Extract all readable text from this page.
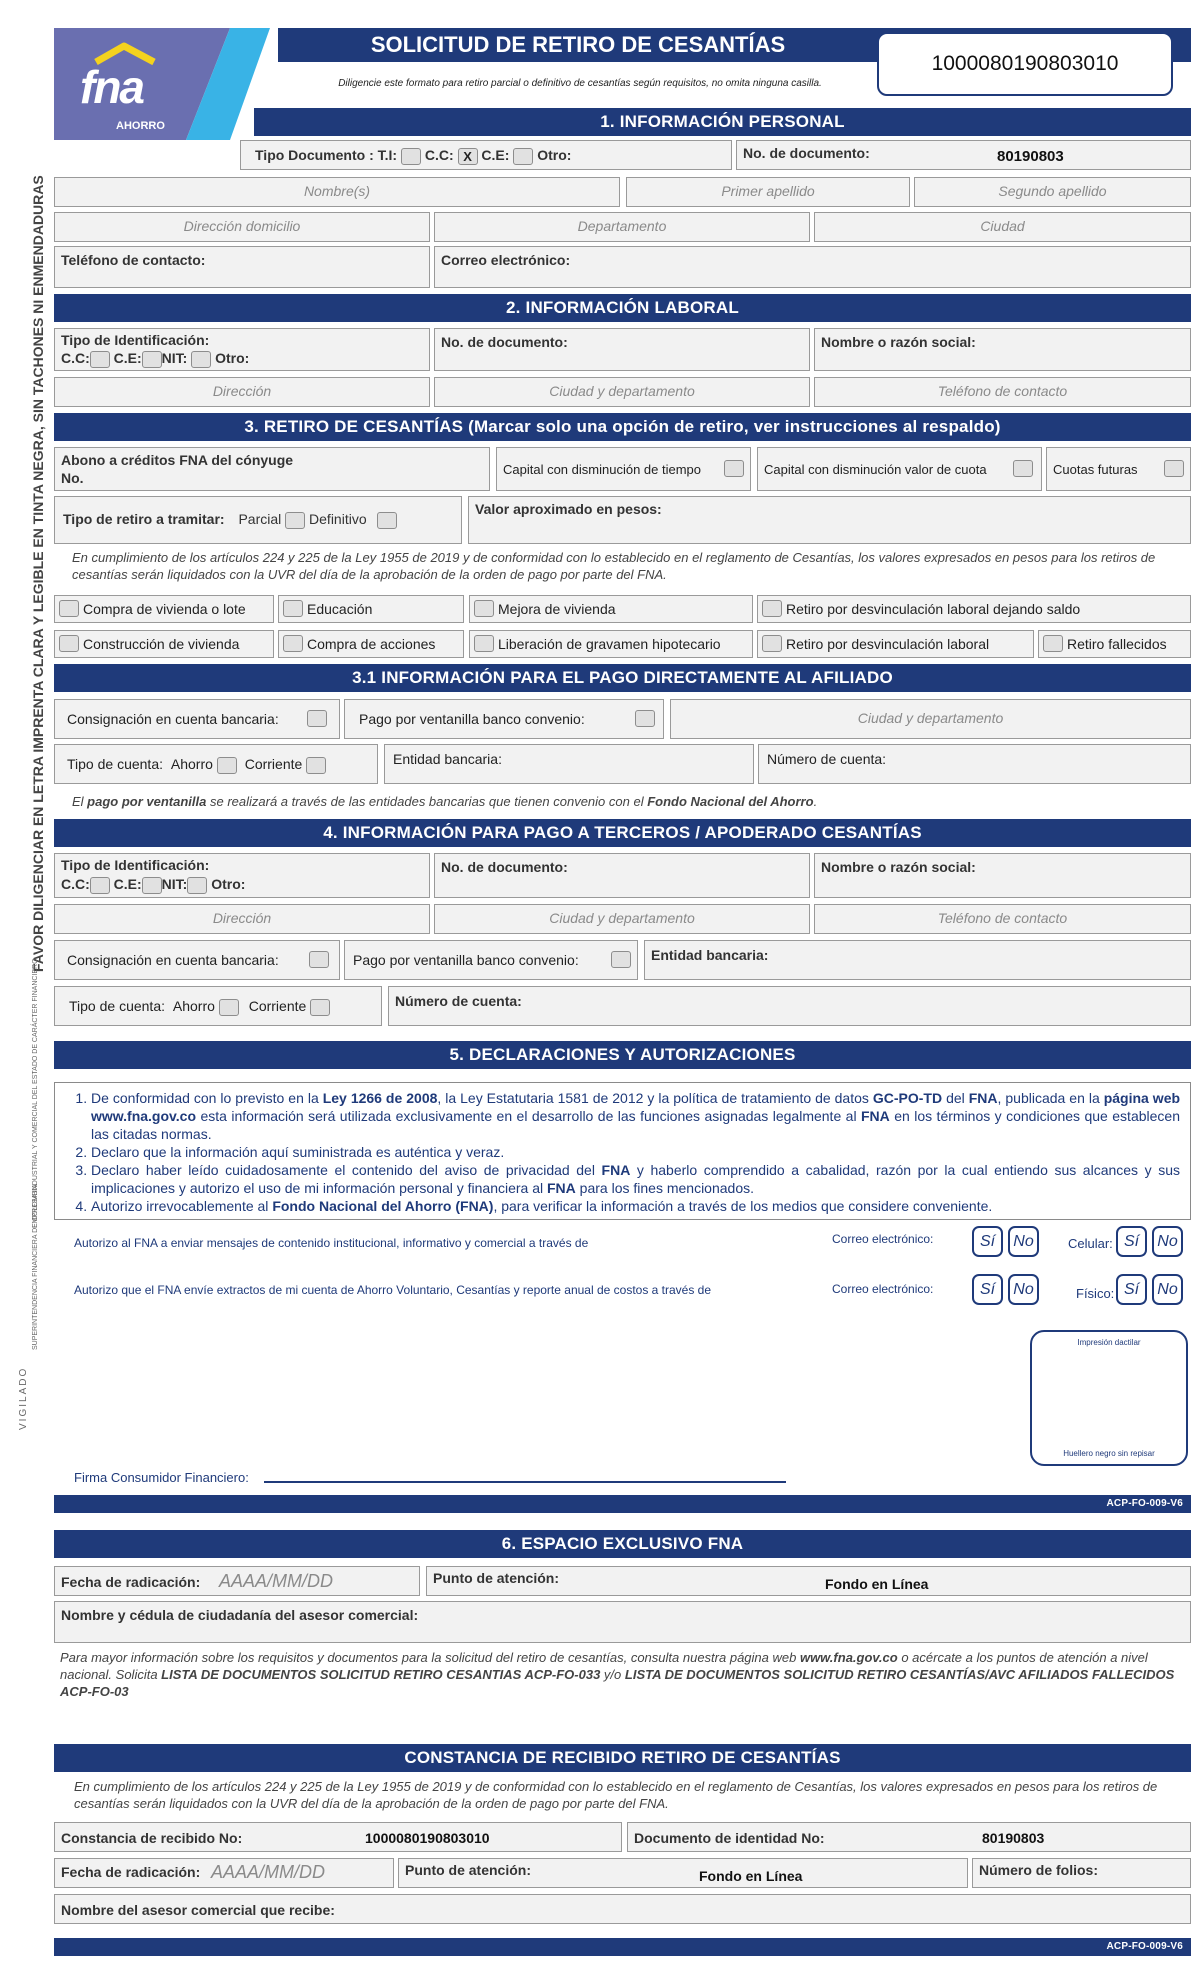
fna
AHORRO
SOLICITUD DE RETIRO DE CESANTÍAS
Diligencie este formato para retiro parcial o definitivo de cesantías según requisitos, no omita ninguna casilla.
1000080190803010
FAVOR DILIGENCIAR EN LETRA IMPRENTA CLARA Y LEGIBLE EN TINTA NEGRA, SIN TACHONES NI ENMENDADURAS
VIGILADO
SUPERINTENDENCIA FINANCIERA DE COLOMBIA
EMPRESA INDUSTRIAL Y COMERCIAL DEL ESTADO DE CARÁCTER FINANCIERO
1. INFORMACIÓN PERSONAL
Tipo Documento : T.I: C.C: X C.E: Otro:	No. de documento:	80190803
Nombre(s)	Primer apellido	Segundo apellido
Dirección domicilio	Departamento	Ciudad
Teléfono de contacto:	Correo electrónico:
2. INFORMACIÓN LABORAL
Tipo de Identificación:
C.C: C.E: NIT: Otro:
No. de documento:	Nombre o razón social:
Dirección	Ciudad y departamento	Teléfono de contacto
3. RETIRO DE CESANTÍAS (Marcar solo una opción de retiro, ver instrucciones al respaldo)
Abono a créditos FNA del cónyuge
No.
Capital con disminución de tiempo	Capital con disminución valor de cuota	Cuotas futuras
Tipo de retiro a tramitar: Parcial Definitivo
Valor aproximado en pesos:
En cumplimiento de los artículos 224 y 225 de la Ley 1955 de 2019 y de conformidad con lo establecido en el reglamento de Cesantías, los valores expresados en pesos para los retiros de cesantías serán liquidados con la UVR del día de la aprobación de la orden de pago por parte del FNA.
Compra de vivienda o lote	Educación	Mejora de vivienda	Retiro por desvinculación laboral dejando saldo
Construcción de vivienda	Compra de acciones	Liberación de gravamen hipotecario	Retiro por desvinculación laboral	Retiro fallecidos
3.1 INFORMACIÓN PARA EL PAGO DIRECTAMENTE AL AFILIADO
Consignación en cuenta bancaria:	Pago por ventanilla banco convenio:	Ciudad y departamento
Tipo de cuenta: Ahorro Corriente	Entidad bancaria:	Número de cuenta:
El pago por ventanilla se realizará a través de las entidades bancarias que tienen convenio con el Fondo Nacional del Ahorro.
4. INFORMACIÓN PARA PAGO A TERCEROS / APODERADO CESANTÍAS
Tipo de Identificación:
C.C: C.E: NIT: Otro:
No. de documento:	Nombre o razón social:
Dirección	Ciudad y departamento	Teléfono de contacto
Consignación en cuenta bancaria:	Pago por ventanilla banco convenio:	Entidad bancaria:
Tipo de cuenta: Ahorro Corriente	Número de cuenta:
5. DECLARACIONES Y AUTORIZACIONES
1. De conformidad con lo previsto en la Ley 1266 de 2008, la Ley Estatutaria 1581 de 2012 y la política de tratamiento de datos GC-PO-TD del FNA, publicada en la página web www.fna.gov.co esta información será utilizada exclusivamente en el desarrollo de las funciones asignadas legalmente al FNA en los términos y condiciones que establecen las citadas normas.
2. Declaro que la información aquí suministrada es auténtica y veraz.
3. Declaro haber leído cuidadosamente el contenido del aviso de privacidad del FNA y haberlo comprendido a cabalidad, razón por la cual entiendo sus alcances y sus implicaciones y autorizo el uso de mi información personal y financiera al FNA para los fines mencionados.
4. Autorizo irrevocablemente al Fondo Nacional del Ahorro (FNA), para verificar la información a través de los medios que considere conveniente.
Autorizo al FNA a enviar mensajes de contenido institucional, informativo y comercial a través de	Correo electrónico:	Sí	No	Celular: Sí	No
Autorizo que el FNA envíe extractos de mi cuenta de Ahorro Voluntario, Cesantías y reporte anual de costos a través de	Correo electrónico:	Sí	No	Físico: Sí	No
Impresión dactilar
Huellero negro sin repisar
Firma Consumidor Financiero:
ACP-FO-009-V6
6. ESPACIO EXCLUSIVO FNA
Fecha de radicación: AAAA/MM/DD	Punto de atención:	Fondo en Línea
Nombre y cédula de ciudadanía del asesor comercial:
Para mayor información sobre los requisitos y documentos para la solicitud del retiro de cesantías, consulta nuestra página web www.fna.gov.co o acércate a los puntos de atención a nivel nacional. Solicita LISTA DE DOCUMENTOS SOLICITUD RETIRO CESANTIAS ACP-FO-033 y/o LISTA DE DOCUMENTOS SOLICITUD RETIRO CESANTÍAS/AVC AFILIADOS FALLECIDOS ACP-FO-03
CONSTANCIA DE RECIBIDO RETIRO DE CESANTÍAS
En cumplimiento de los artículos 224 y 225 de la Ley 1955 de 2019 y de conformidad con lo establecido en el reglamento de Cesantías, los valores expresados en pesos para los retiros de cesantías serán liquidados con la UVR del día de la aprobación de la orden de pago por parte del FNA.
Constancia de recibido No:	1000080190803010	Documento de identidad No:	80190803
Fecha de radicación: AAAA/MM/DD	Punto de atención:	Fondo en Línea	Número de folios:
Nombre del asesor comercial que recibe:
ACP-FO-009-V6
